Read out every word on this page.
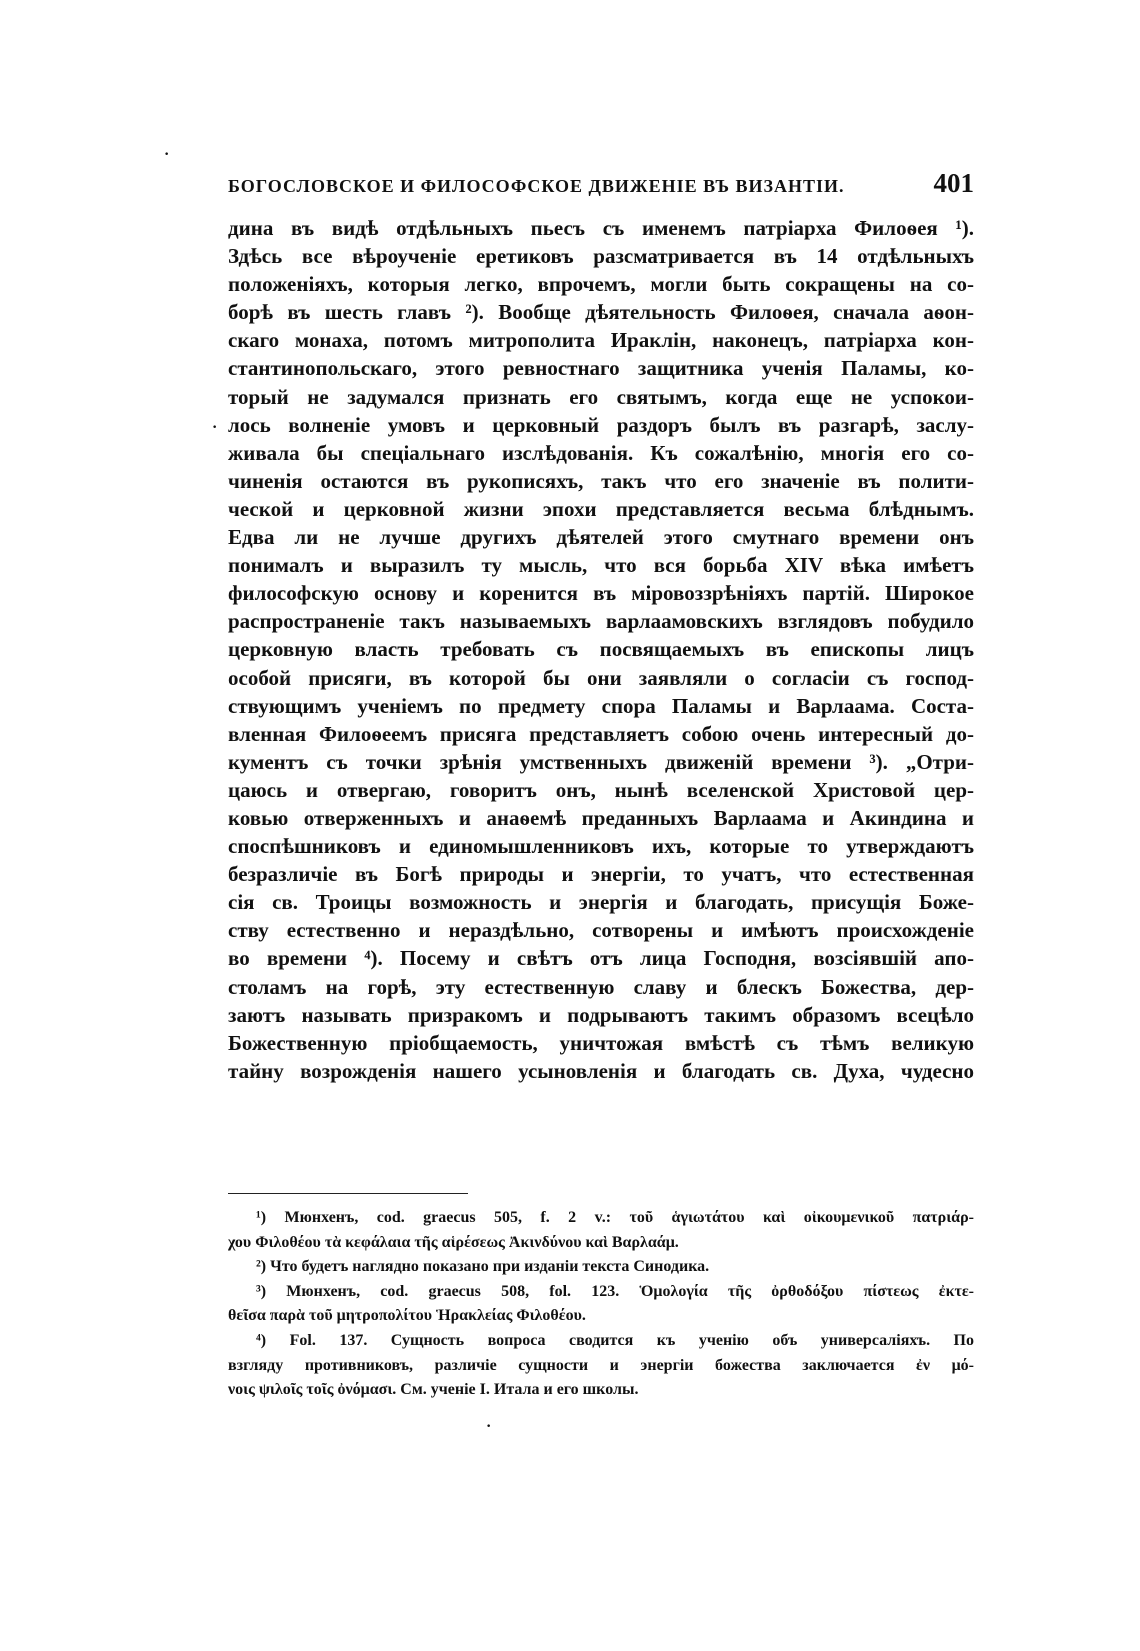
БОГОСЛОВСКОЕ И ФИЛОСОФСКОЕ ДВИЖЕНІЕ ВЪ ВИЗАНТІИ.	401
дина въ видѣ отдѣльныхъ пьесъ съ именемъ патріарха Филоѳея ¹).
Здѣсь все вѣроученіе еретиковъ разсматривается въ 14 отдѣльныхъ
положеніяхъ, которыя легко, впрочемъ, могли быть сокращены на со-
борѣ въ шесть главъ ²). Вообще дѣятельность Филоѳея, сначала аѳон-
скаго монаха, потомъ митрополита Ираклін, наконецъ, патріарха кон-
стантинопольскаго, этого ревностнаго защитника ученія Паламы, ко-
торый не задумался признать его святымъ, когда еще не успокои-
лось волненіе умовъ и церковный раздоръ былъ въ разгарѣ, заслу-
живала бы спеціальнаго изслѣдованія. Къ сожалѣнію, многія его со-
чиненія остаются въ рукописяхъ, такъ что его значеніе въ полити-
ческой и церковной жизни эпохи представляется весьма блѣднымъ.
Едва ли не лучше другихъ дѣятелей этого смутнаго времени онъ
понималъ и выразилъ ту мысль, что вся борьба XIV вѣка имѣетъ
философскую основу и коренится въ міровоззрѣніяхъ партій. Широкое
распространеніе такъ называемыхъ варлаамовскихъ взглядовъ побудило
церковную власть требовать съ посвящаемыхъ въ епископы лицъ
особой присяги, въ которой бы они заявляли о согласіи съ господ-
ствующимъ ученіемъ по предмету спора Паламы и Варлаама. Соста-
вленная Филоѳеемъ присяга представляетъ собою очень интересный до-
кументъ съ точки зрѣнія умственныхъ движеній времени ³). „Отри-
цаюсь и отвергаю, говоритъ онъ, нынѣ вселенской Христовой цер-
ковью отверженныхъ и анаѳемѣ преданныхъ Варлаама и Акиндина и
споспѣшниковъ и единомышленниковъ ихъ, которые то утверждаютъ
безразличіе въ Богѣ природы и энергіи, то учатъ, что естественная
сія св. Троицы возможность и энергія и благодать, присущія Боже-
ству естественно и нераздѣльно, сотворены и имѣютъ происхожденіе
во времени ⁴). Посему и свѣтъ отъ лица Господня, возсіявшій апо-
столамъ на горѣ, эту естественную славу и блескъ Божества, дер-
заютъ называть призракомъ и подрываютъ такимъ образомъ всецѣло
Божественную пріобщаемость, уничтожая вмѣстѣ съ тѣмъ великую
тайну возрожденія нашего усыновленія и благодать св. Духа, чудесно
¹) Мюнхенъ, cod. graecus 505, f. 2 v.: τοῦ ἁγιωτάτου καὶ οἰκουμενικοῦ πατριάρ-
χου Φιλοθέου τὰ κεφάλαια τῆς αἱρέσεως Ἀκινδύνου καὶ Βαρλαάμ.
²) Что будетъ наглядно показано при изданіи текста Синодика.
³) Мюнхенъ, cod. graecus 508, fol. 123. Ὁμολογία τῆς ὀρθοδόξου πίστεως ἐκτε-
θεῖσα παρὰ τοῦ μητροπολίτου Ἡρακλείας Φιλοθέου.
⁴) Fol. 137. Сущность вопроса сводится къ ученію объ универсаліяхъ. По
взгляду противниковъ, различіе сущности и энергіи божества заключается ἐν μό-
νοις ψιλοῖς τοῖς ὀνόμασι. См. ученіе І. Итала и его школы.
·
·
·
